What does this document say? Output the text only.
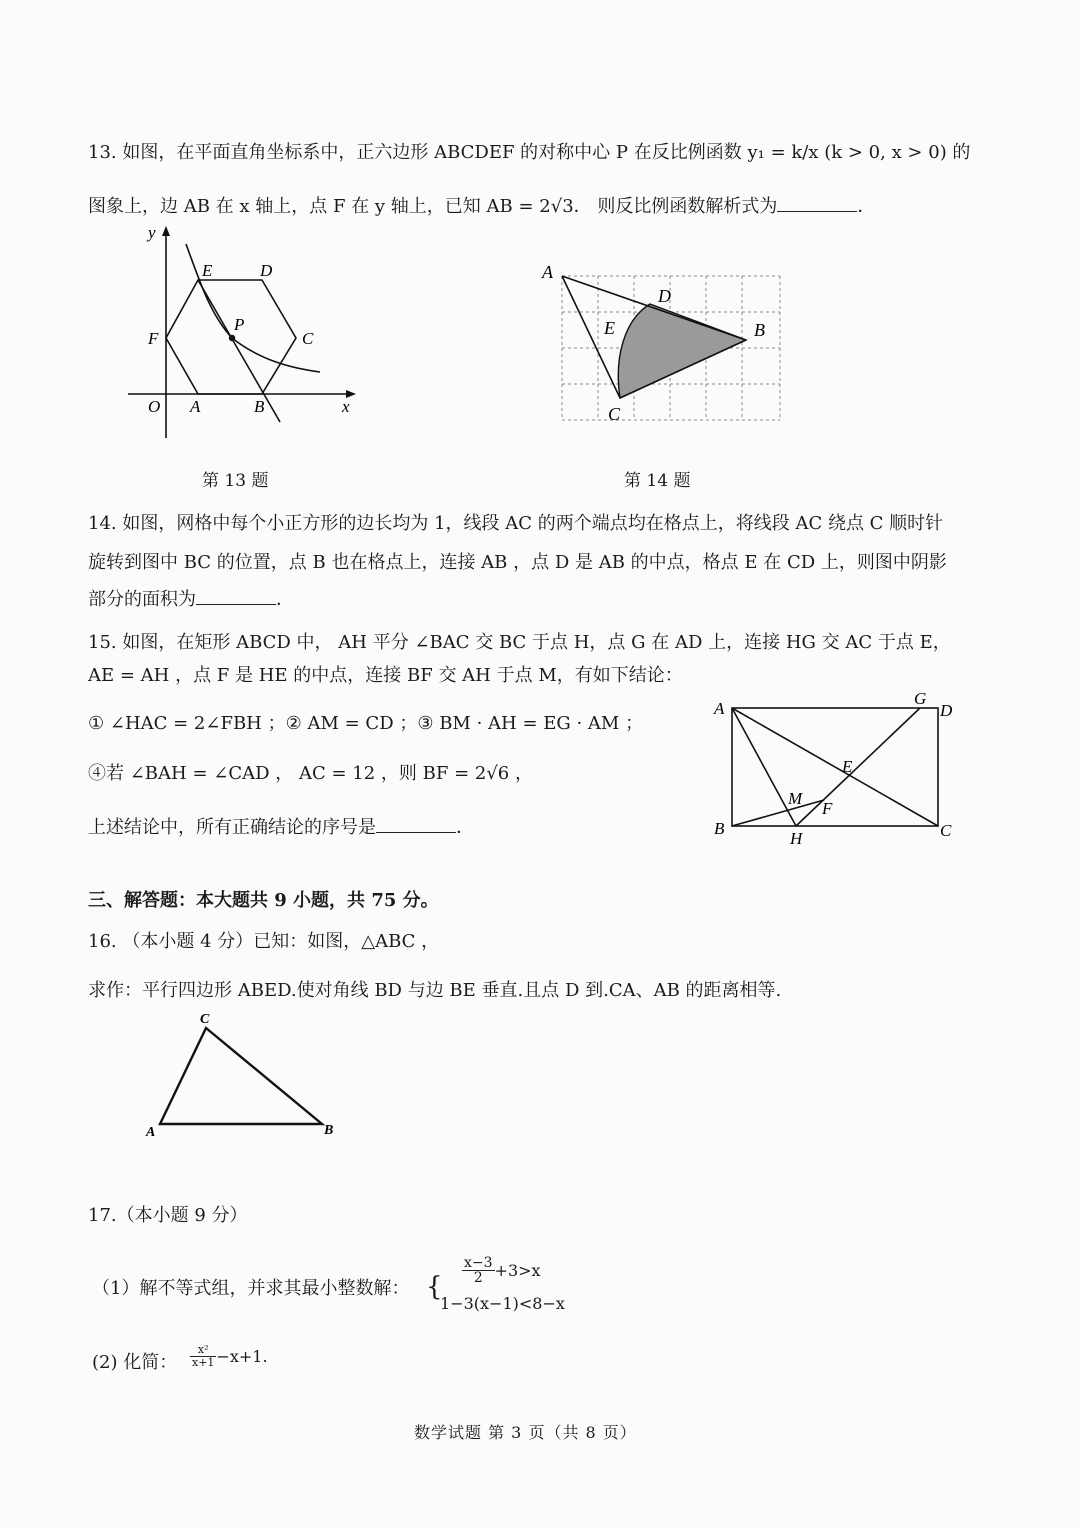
13. 如图，在平面直角坐标系中，正六边形 ABCDEF 的对称中心 P 在反比例函数 y₁ = k/x (k > 0, x > 0) 的
图象上，边 AB 在 x 轴上，点 F 在 y 轴上，已知 AB = 2√3． 则反比例函数解析式为	．
y
x
O A	B
C
D
E
F
P
A
B
C
D
E
第 13 题	第 14 题
14. 如图，网格中每个小正方形的边长均为 1，线段 AC 的两个端点均在格点上，将线段 AC 绕点 C 顺时针
旋转到图中 BC 的位置，点 B 也在格点上，连接 AB ，点 D 是 AB 的中点，格点 E 在 CD 上，则图中阴影
部分的面积为	．
15. 如图，在矩形 ABCD 中， AH 平分 ∠BAC 交 BC 于点 H，点 G 在 AD 上，连接 HG 交 AC 于点 E，
AE = AH ，点 F 是 HE 的中点，连接 BF 交 AH 于点 M，有如下结论：
① ∠HAC = 2∠FBH ；② AM = CD ；③ BM · AH = EG · AM ；
④若 ∠BAH = ∠CAD ， AC = 12 ，则 BF = 2√6 ，
上述结论中，所有正确结论的序号是	．
A
B	C
D
E
F
G
H
M
三、解答题：本大题共 9 小题，共 75 分。
16. （本小题 4 分）已知：如图，△ABC ，
求作：平行四边形 ABED.使对角线 BD 与边 BE 垂直.且点 D 到.CA、AB 的距离相等.
C
A	B
17.（本小题 9 分）
（1）解不等式组，并求其最小整数解： {
$\frac{x-3}{2} +3>x$
1−3(x−1)<8−x
(2) 化简： $\frac{\text{x²}}{x+1} -x+1$.
数学试题 第 3 页（共 8 页）
